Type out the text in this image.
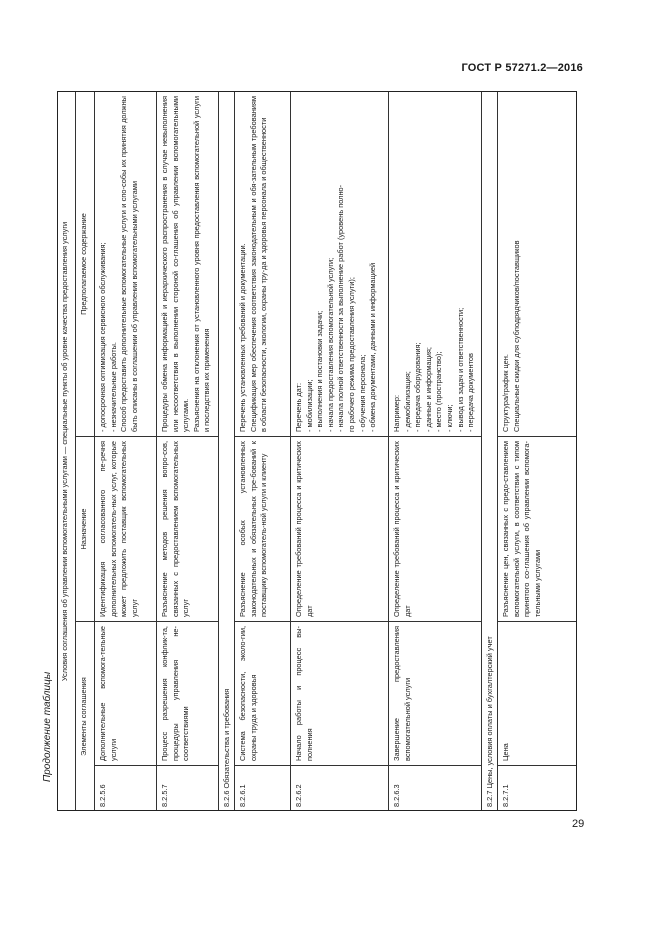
ГОСТ Р 57271.2—2016
Продолжение таблицы
29
Условия соглашения об управлении вспомогательными услугами — специальные пункты об уровне качества предоставления услуги
Элементы соглашения
Назначение
Предполагаемое содержание
8.2.5.6
Дополнительные вспомога-тельные услуги
Идентификация согласованного пе-речня дополнительных вспомогатель-ных услуг, которые может предложить поставщик вспомогательных услуг
- допосрочная оптимизация сервисного обслуживания; - незначительные работы. Способ предоставить дополнительные вспомогательные услуги и спо-собы их принятия должны быть описаны в соглашении об управлении вспомогательными услугами
8.2.5.7
Процесс разрешения конфлик-та, процедуры управления не-соответствиями
Разъяснение методов решения вопро-сов, связанных с предоставлением вспомогательных услуг
Процедуры обмена информацией и иерархического распространения в случае невыполнения или несоответствия в выполнении стороной со-глашения об управлении вспомогательными услугами. Разъяснения на отклонения от установленного уровня предоставления вспомогательной услуги и последствия их применения
8.2.6 Обязательства и требования 8.2.6.1
Система безопасности, эколо-гии, охраны труда и здоровья
Разъяснение особых установленных законодательных и обязательных тре-бований к поставщику вспомогатель-ной услуги и клиенту
Перечень установленных требований и документации. Спецификация мер обеспечения соответствия законодательным и обя-зательным требованиям в области безопасности, экологии, охраны тру-да и здоровья персонала и общественности
8.2.6.2
Начало работы и процесс вы-полнения
Определение требований процесса и критических дат
Перечень дат: - мобилизации; - выполнения и постановки задачи; - начала предоставления вспомогательной услуги; - начала полной ответственности за выполнение работ (уровень полно- го рабочего режима предоставления услуги); - обучения персонала; - обмена документами, данными и информацией
8.2.6.3
Завершение предоставления вспомогательной услуги
Определение требований процесса и критических дат
Например: - демобилизация; - передача оборудования; - данные и информация; - место (пространство); - ключи; - вывод из задач и ответственности; - передача документов
8.2.7 Цены, условия оплаты и бухгалтерский учет 8.2.7.1
Цена
Разъяснение цен, связанных с предо-ставлением вспомогательной услуги, в соответствии с типом принятого со-глашения об управлении вспомога-тельными услугами
Структура/график цен. Специальные скидки для субподрядчиков/поставщиков
